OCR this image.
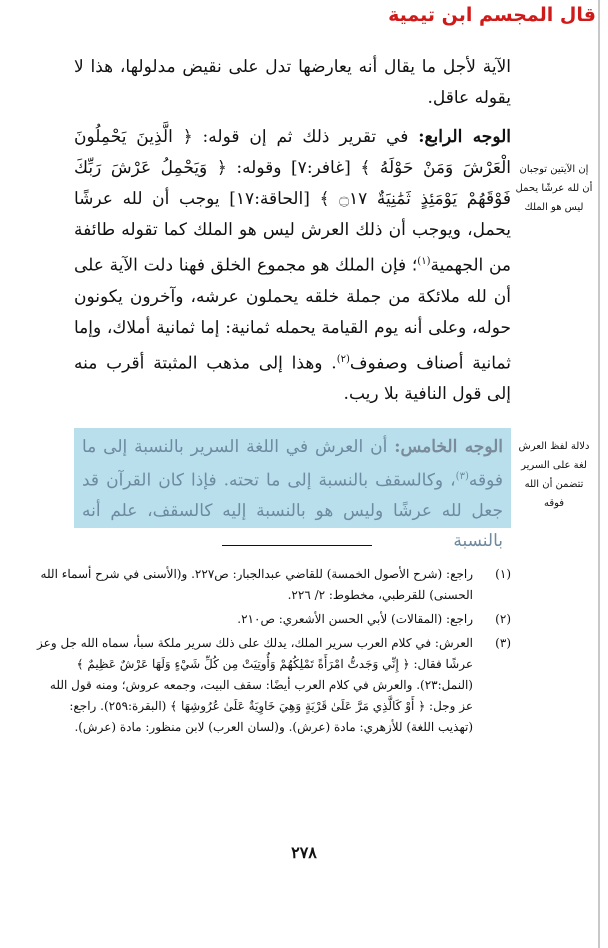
قال المجسم ابن تيمية

الآية لأجل ما يقال أنه يعارضها تدل على نقيض مدلولها، هذا لا يقوله عاقل.

الوجه الرابع: في تقرير ذلك ثم إن قوله: ﴿ الَّذِينَ يَحْمِلُونَ الْعَرْشَ وَمَنْ حَوْلَهُ ﴾ [غافر:٧] وقوله: ﴿ وَيَحْمِلُ عَرْشَ رَبِّكَ فَوْقَهُمْ يَوْمَئِذٍ ثَمَٰنِيَةٌ ۝١٧ ﴾ [الحاقة:١٧] يوجب أن لله عرشًا يحمل، ويوجب أن ذلك العرش ليس هو الملك كما تقوله طائفة من الجهمية$^{(١)}$؛ فإن الملك هو مجموع الخلق فهنا دلت الآية على أن لله ملائكة من جملة خلقه يحملون عرشه، وآخرون يكونون حوله، وعلى أنه يوم القيامة يحمله ثمانية: إما ثمانية أملاك، وإما ثمانية أصناف وصفوف$^{(٢)}$. وهذا إلى مذهب المثبتة أقرب منه إلى قول النافية بلا ريب.

إن الآيتين توجبان أن لله عرشًا يحمل ليس هو الملك
الوجه الخامس: أن العرش في اللغة السرير بالنسبة إلى ما فوقه$^{(٣)}$، وكالسقف بالنسبة إلى ما تحته. فإذا كان القرآن قد جعل لله عرشًا وليس هو بالنسبة إليه كالسقف، علم أنه بالنسبة
دلالة لفظ العرش لغة على السرير تتضمن أن الله فوقه
(١)
راجع: (شرح الأصول الخمسة) للقاضي عبدالجبار: ص٢٢٧. و(الأسنى في شرح أسماء الله الحسنى) للقرطبي، مخطوط: ٢/ ٢٢٦.
(٢)
راجع: (المقالات) لأبي الحسن الأشعري: ص٢١٠.
(٣)
العرش: في كلام العرب سرير الملك، يدلك على ذلك سرير ملكة سبأ، سماه الله جل وعز عرشًا فقال: ﴿ إِنِّي وَجَدتُّ امْرَأَةً تَمْلِكُهُمْ وَأُوتِيَتْ مِن كُلِّ شَيْءٍ وَلَهَا عَرْشٌ عَظِيمٌ ﴾ (النمل:٢٣). والعرش في كلام العرب أيضًا: سقف البيت، وجمعه عروش؛ ومنه قول الله عز وجل: ﴿ أَوْ كَالَّذِي مَرَّ عَلَىٰ قَرْيَةٍ وَهِيَ خَاوِيَةٌ عَلَىٰ عُرُوشِهَا ﴾ (البقرة:٢٥٩). راجع: (تهذيب اللغة) للأزهري: مادة (عرش). و(لسان العرب) لابن منظور: مادة (عرش).
٢٧٨
